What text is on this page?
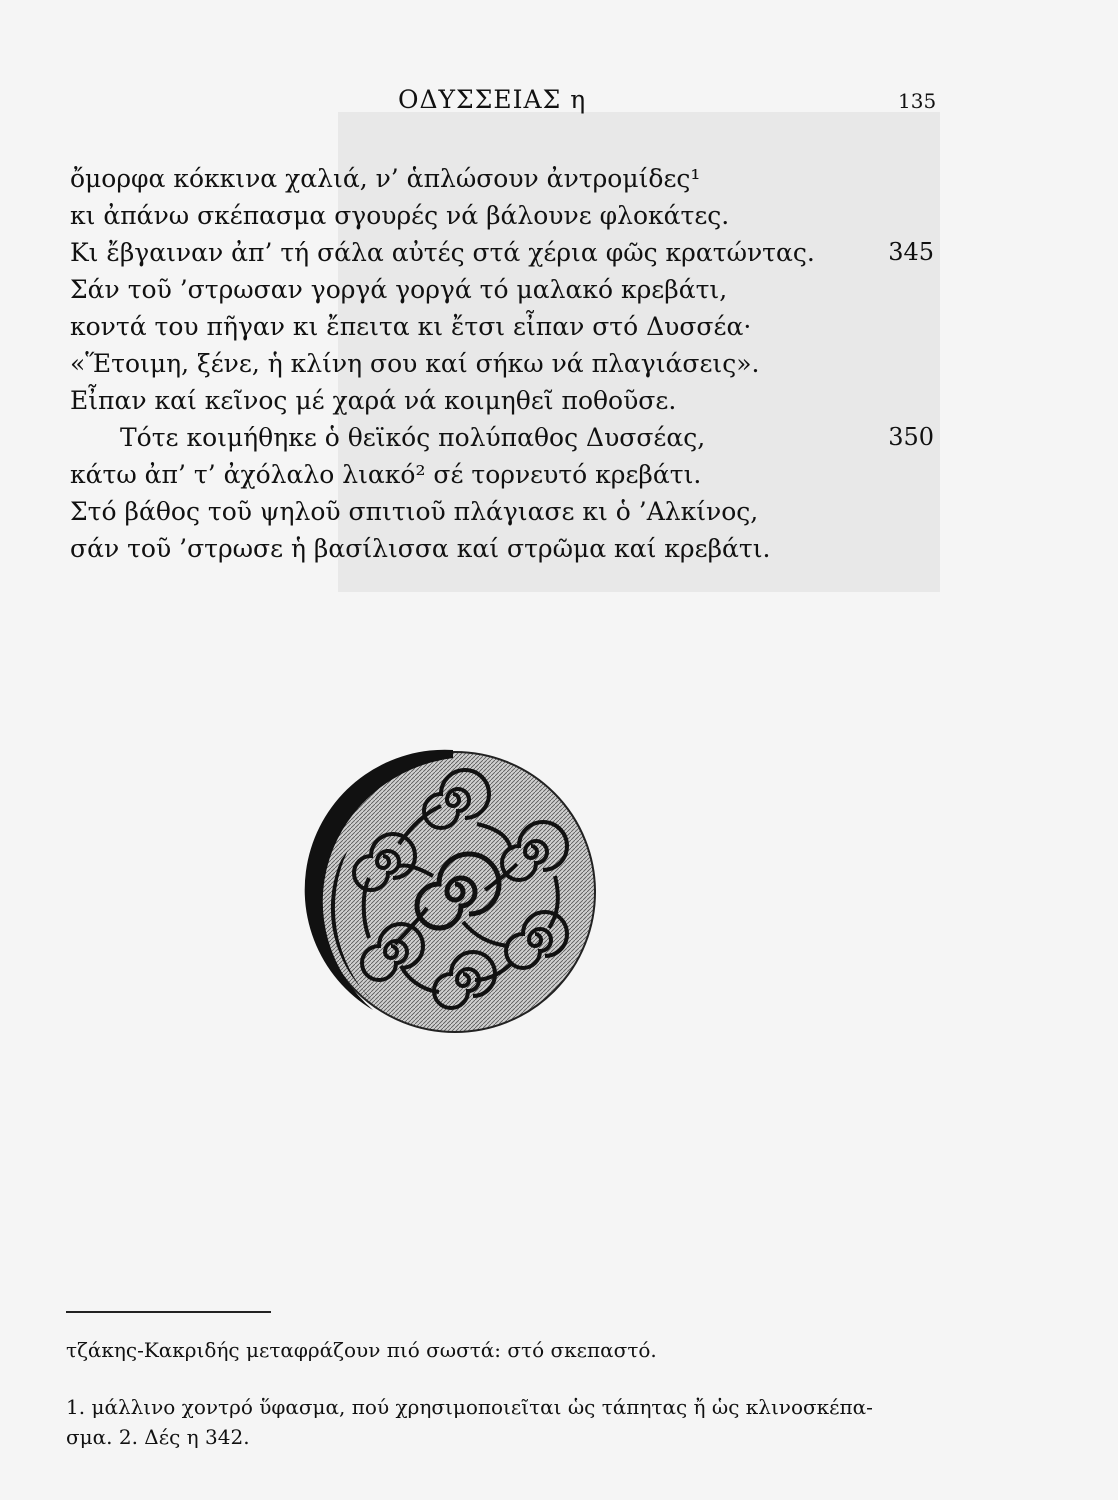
ΟΔΥΣΣΕΙΑΣ η	135
ὄμορφα κόκκινα χαλιά, ν’ ἁπλώσουν ἀντρομίδες¹
κι ἀπάνω σκέπασμα σγουρές νά βάλουνε φλοκάτες.
Κι ἔβγαιναν ἀπ’ τή σάλα αὐτές στά χέρια φῶς κρατώντας.	345
Σάν τοῦ ’στρωσαν γοργά γοργά τό μαλακό κρεβάτι,
κοντά του πῆγαν κι ἔπειτα κι ἔτσι εἶπαν στό Δυσσέα·
«Ἕτοιμη, ξένε, ἡ κλίνη σου καί σήκω νά πλαγιάσεις».
Εἶπαν καί κεῖνος μέ χαρά νά κοιμηθεῖ ποθοῦσε.
Τότε κοιμήθηκε ὁ θεϊκός πολύπαθος Δυσσέας,	350
κάτω ἀπ’ τ’ ἀχόλαλο λιακό² σέ τορνευτό κρεβάτι.
Στό βάθος τοῦ ψηλοῦ σπιτιοῦ πλάγιασε κι ὁ ’Αλκίνος,
σάν τοῦ ’στρωσε ἡ βασίλισσα καί στρῶμα καί κρεβάτι.
τζάκης-Κακριδής μεταφράζουν πιό σωστά: στό σκεπαστό.

1. μάλλινο χοντρό ὕφασμα, πού χρησιμοποιεῖται ὡς τάπητας ἤ ὡς κλινοσκέπα-

σμα. 2. Δές η 342.
